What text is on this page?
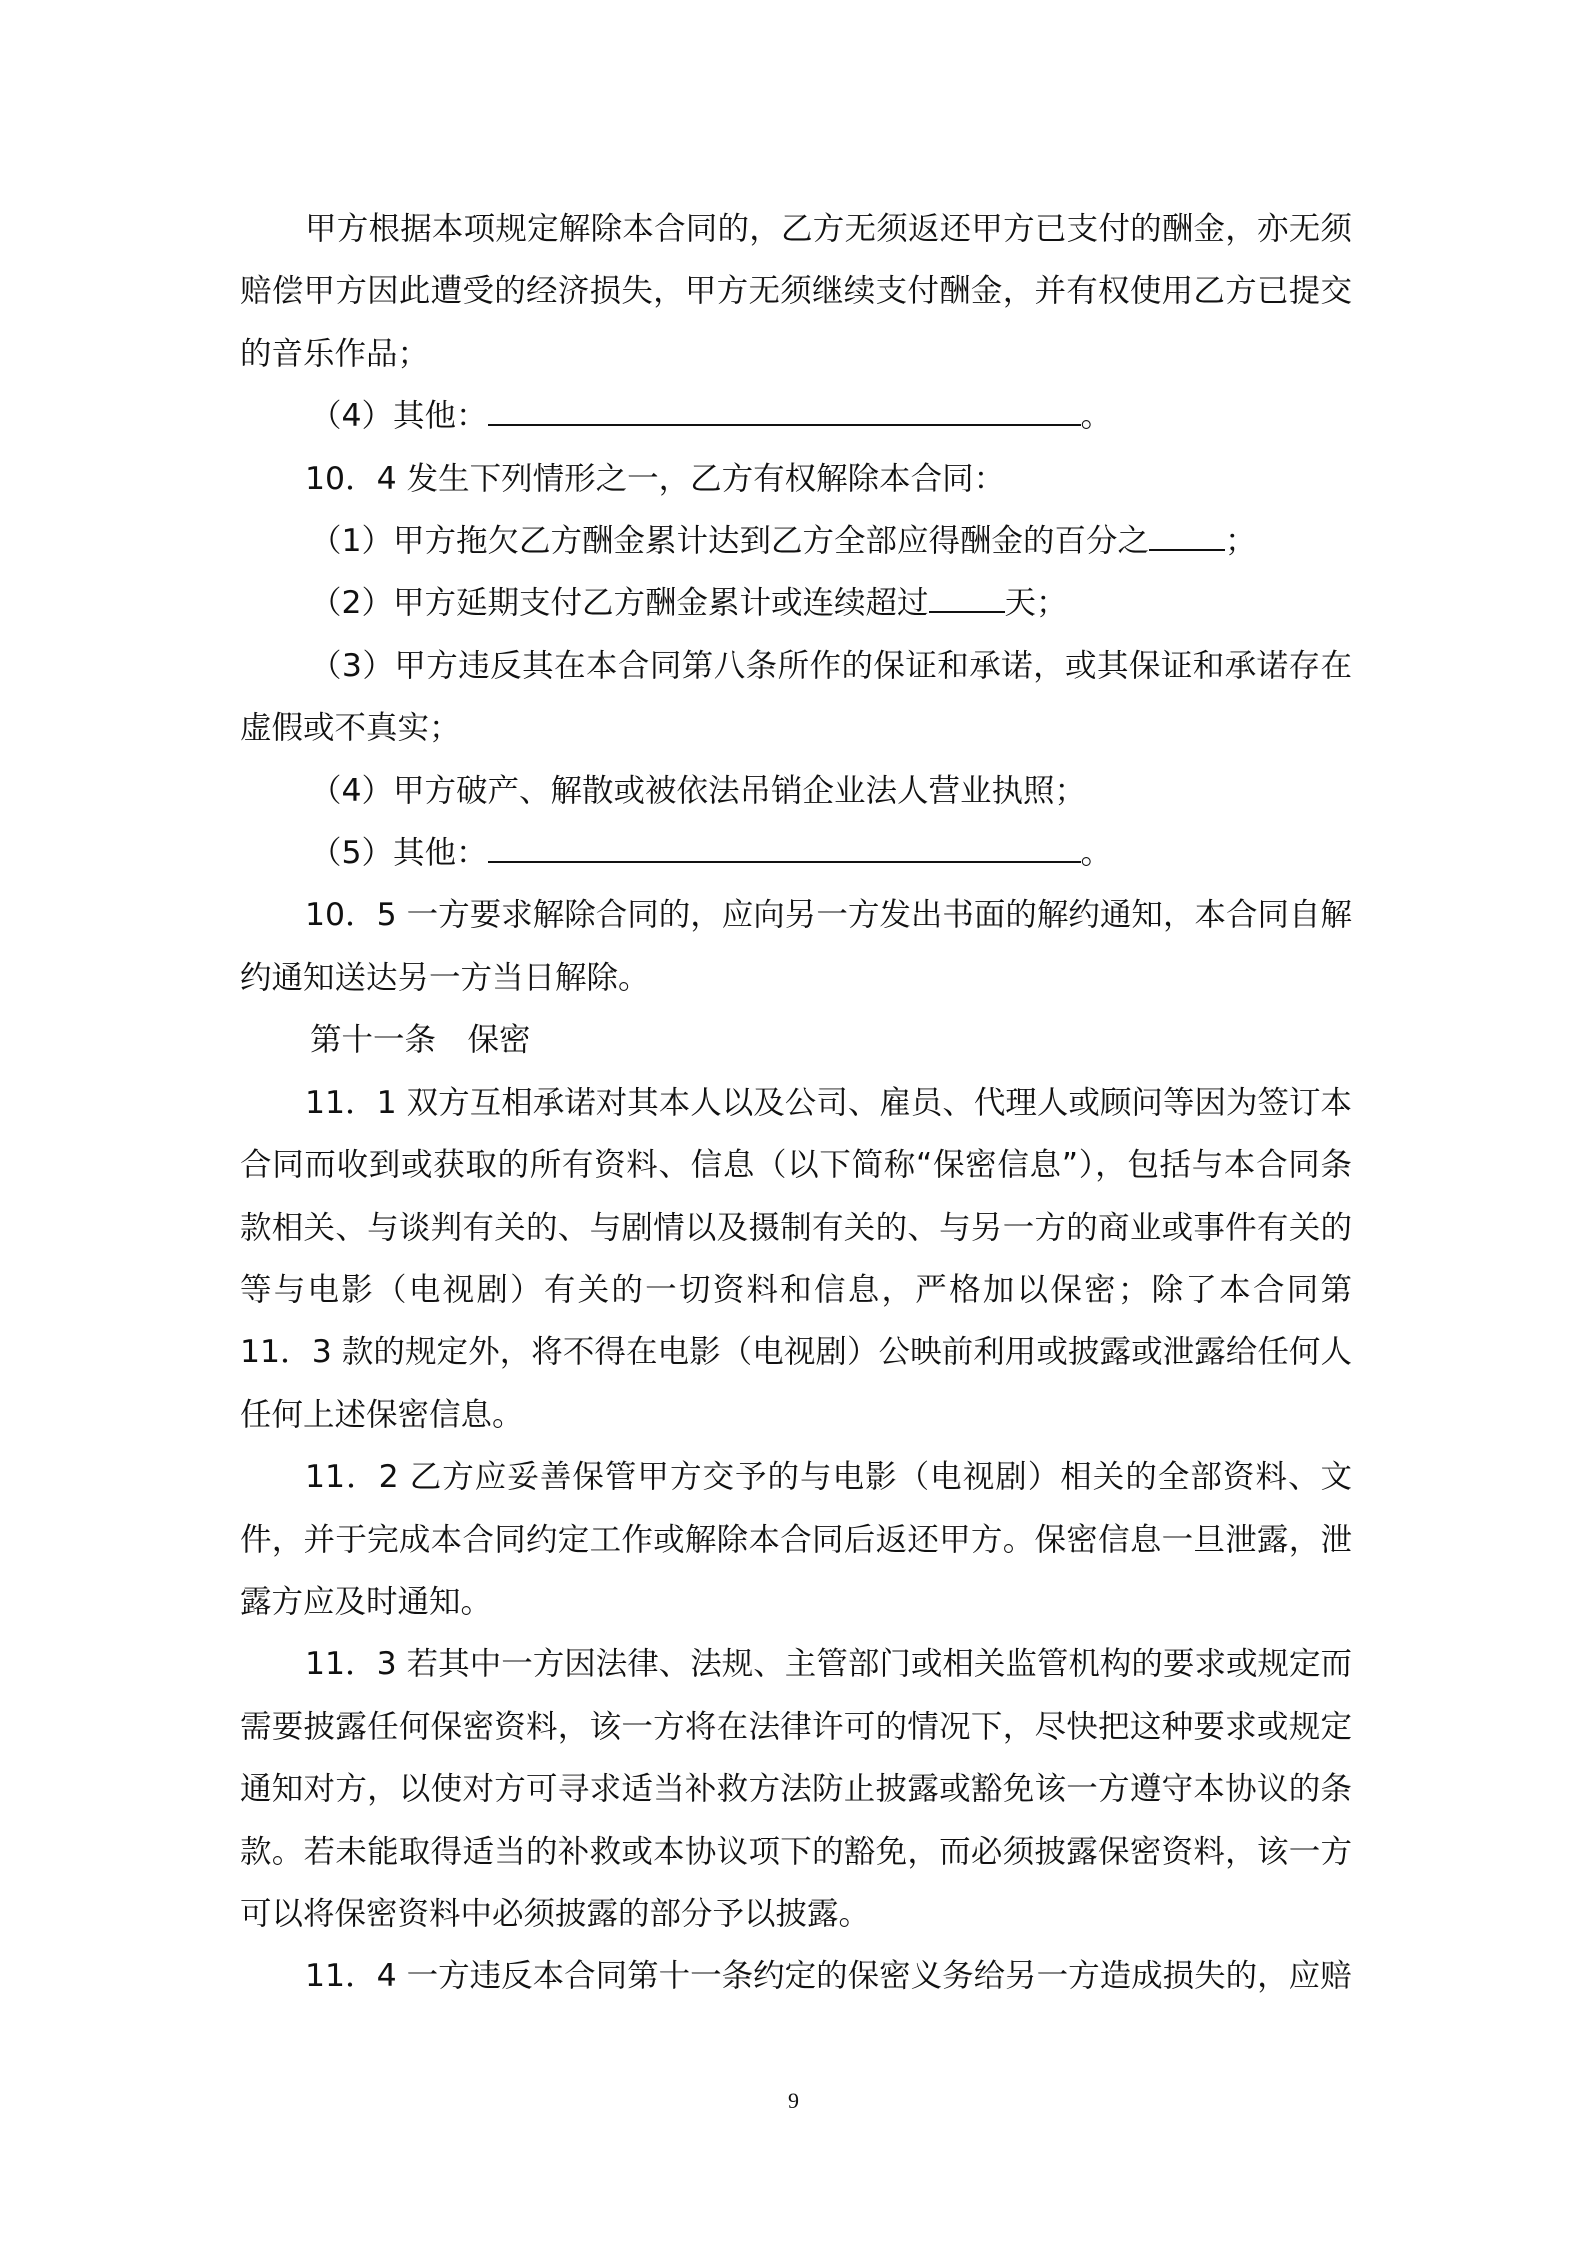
甲方根据本项规定解除本合同的，乙方无须返还甲方已支付的酬金，亦无须赔偿甲方因此遭受的经济损失，甲方无须继续支付酬金，并有权使用乙方已提交的音乐作品；

（4）其他：	。

10．4 发生下列情形之一，乙方有权解除本合同：

（1）甲方拖欠乙方酬金累计达到乙方全部应得酬金的百分之 ；

（2）甲方延期支付乙方酬金累计或连续超过 天；

（3）甲方违反其在本合同第八条所作的保证和承诺，或其保证和承诺存在虚假或不真实；

（4）甲方破产、解散或被依法吊销企业法人营业执照；

（5）其他：	。

10．5 一方要求解除合同的，应向另一方发出书面的解约通知，本合同自解约通知送达另一方当日解除。

第十一条　保密

11．1 双方互相承诺对其本人以及公司、雇员、代理人或顾问等因为签订本合同而收到或获取的所有资料、信息（以下简称“保密信息”），包括与本合同条款相关、与谈判有关的、与剧情以及摄制有关的、与另一方的商业或事件有关的等与电影（电视剧）有关的一切资料和信息，严格加以保密；除了本合同第 11．3 款的规定外，将不得在电影（电视剧）公映前利用或披露或泄露给任何人任何上述保密信息。

11．2 乙方应妥善保管甲方交予的与电影（电视剧）相关的全部资料、文件，并于完成本合同约定工作或解除本合同后返还甲方。保密信息一旦泄露，泄露方应及时通知。

11．3 若其中一方因法律、法规、主管部门或相关监管机构的要求或规定而需要披露任何保密资料，该一方将在法律许可的情况下，尽快把这种要求或规定通知对方，以使对方可寻求适当补救方法防止披露或豁免该一方遵守本协议的条款。若未能取得适当的补救或本协议项下的豁免，而必须披露保密资料，该一方可以将保密资料中必须披露的部分予以披露。

11．4 一方违反本合同第十一条约定的保密义务给另一方造成损失的，应赔

9
